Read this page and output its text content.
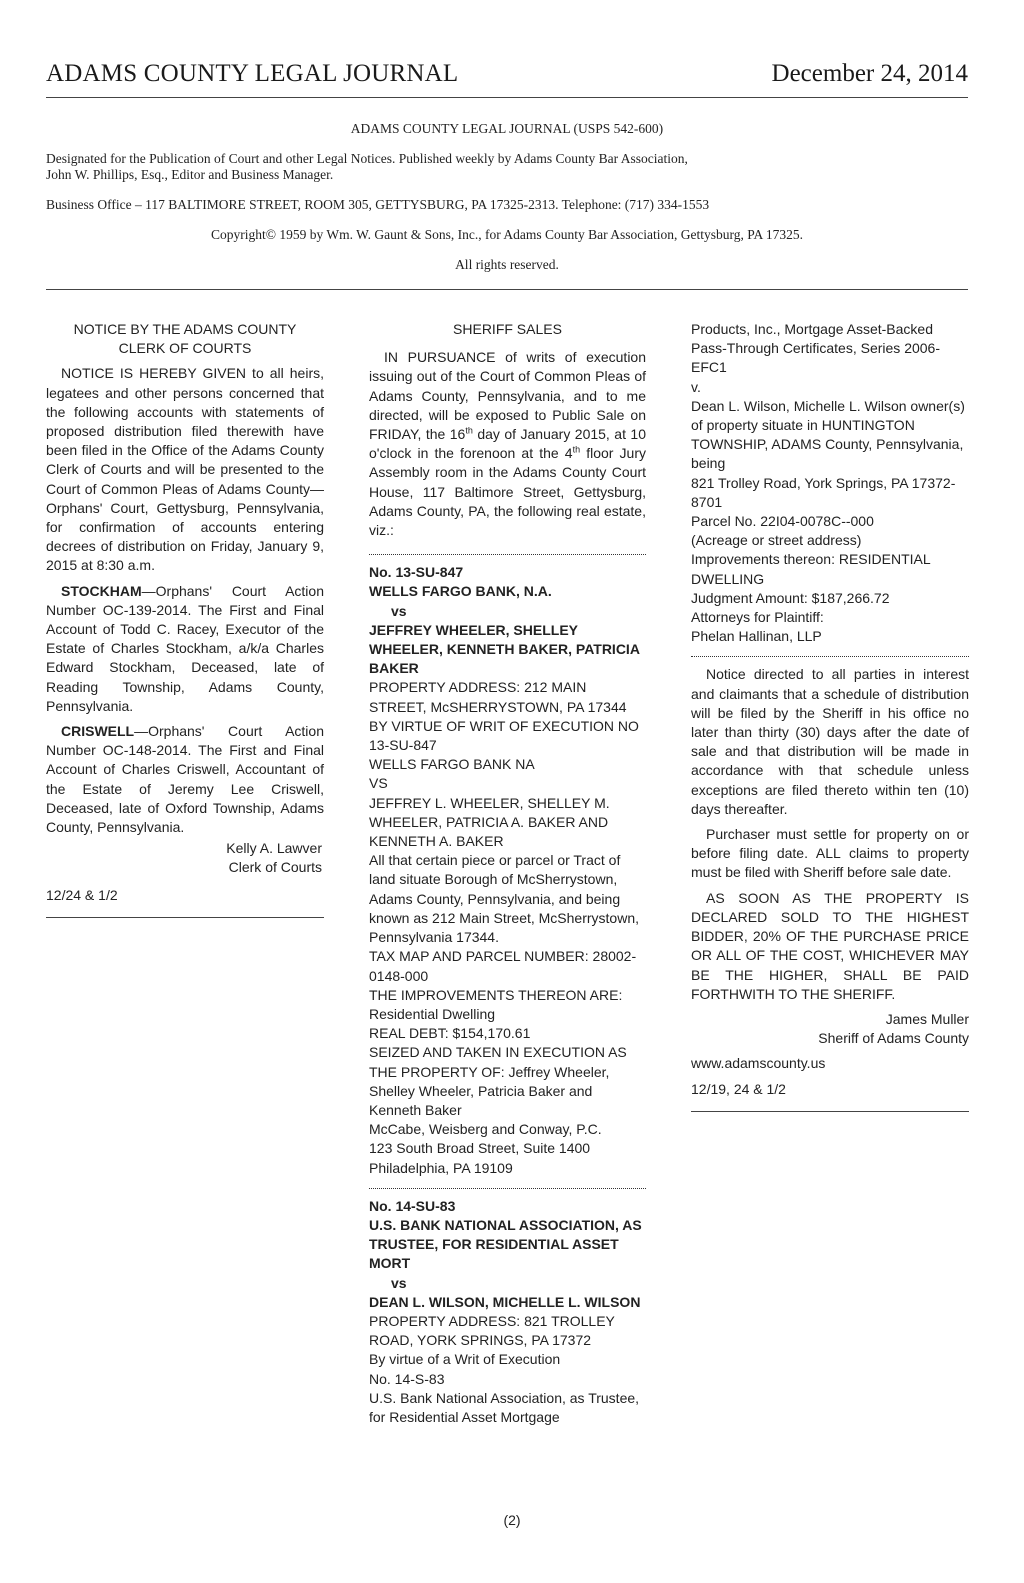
ADAMS COUNTY LEGAL JOURNAL	December 24, 2014

ADAMS COUNTY LEGAL JOURNAL (USPS 542-600)

Designated for the Publication of Court and other Legal Notices. Published weekly by Adams County Bar Association,

John W. Phillips, Esq., Editor and Business Manager.

Business Office – 117 BALTIMORE STREET, ROOM 305, GETTYSBURG, PA 17325-2313. Telephone: (717) 334-1553

Copyright© 1959 by Wm. W. Gaunt & Sons, Inc., for Adams County Bar Association, Gettysburg, PA 17325.

All rights reserved.

NOTICE BY THE ADAMS COUNTY CLERK OF COURTS

NOTICE IS HEREBY GIVEN to all heirs, legatees and other persons concerned that the following accounts with statements of proposed distribution filed therewith have been filed in the Office of the Adams County Clerk of Courts and will be presented to the Court of Common Pleas of Adams County—Orphans' Court, Gettysburg, Pennsylvania, for confirmation of accounts entering decrees of distribution on Friday, January 9, 2015 at 8:30 a.m.

STOCKHAM—Orphans' Court Action Number OC-139-2014. The First and Final Account of Todd C. Racey, Executor of the Estate of Charles Stockham, a/k/a Charles Edward Stockham, Deceased, late of Reading Township, Adams County, Pennsylvania.

CRISWELL—Orphans' Court Action Number OC-148-2014. The First and Final Account of Charles Criswell, Accountant of the Estate of Jeremy Lee Criswell, Deceased, late of Oxford Township, Adams County, Pennsylvania.

Kelly A. Lawver

Clerk of Courts

12/24 & 1/2

SHERIFF SALES

IN PURSUANCE of writs of execution issuing out of the Court of Common Pleas of Adams County, Pennsylvania, and to me directed, will be exposed to Public Sale on FRIDAY, the 16th day of January 2015, at 10 o'clock in the forenoon at the 4th floor Jury Assembly room in the Adams County Court House, 117 Baltimore Street, Gettysburg, Adams County, PA, the following real estate, viz.:

No. 13-SU-847

WELLS FARGO BANK, N.A.

vs

JEFFREY WHEELER, SHELLEY WHEELER, KENNETH BAKER, PATRICIA BAKER

PROPERTY ADDRESS: 212 MAIN STREET, McSHERRYSTOWN, PA 17344

BY VIRTUE OF WRIT OF EXECUTION NO 13-SU-847

WELLS FARGO BANK NA

VS

JEFFREY L. WHEELER, SHELLEY M. WHEELER, PATRICIA A. BAKER AND KENNETH A. BAKER

All that certain piece or parcel or Tract of land situate Borough of McSherrystown, Adams County, Pennsylvania, and being known as 212 Main Street, McSherrystown, Pennsylvania 17344.

TAX MAP AND PARCEL NUMBER: 28002-0148-000

THE IMPROVEMENTS THEREON ARE: Residential Dwelling

REAL DEBT: $154,170.61

SEIZED AND TAKEN IN EXECUTION AS THE PROPERTY OF: Jeffrey Wheeler, Shelley Wheeler, Patricia Baker and Kenneth Baker

McCabe, Weisberg and Conway, P.C.

123 South Broad Street, Suite 1400

Philadelphia, PA 19109

No. 14-SU-83

U.S. BANK NATIONAL ASSOCIATION, AS TRUSTEE, FOR RESIDENTIAL ASSET MORT

vs

DEAN L. WILSON, MICHELLE L. WILSON

PROPERTY ADDRESS: 821 TROLLEY ROAD, YORK SPRINGS, PA 17372

By virtue of a Writ of Execution

No. 14-S-83

U.S. Bank National Association, as Trustee, for Residential Asset Mortgage

Products, Inc., Mortgage Asset-Backed Pass-Through Certificates, Series 2006-EFC1

v.

Dean L. Wilson, Michelle L. Wilson owner(s) of property situate in HUNTINGTON TOWNSHIP, ADAMS County, Pennsylvania, being

821 Trolley Road, York Springs, PA 17372-8701

Parcel No. 22I04-0078C--000

(Acreage or street address)

Improvements thereon: RESIDENTIAL DWELLING

Judgment Amount: $187,266.72

Attorneys for Plaintiff:

Phelan Hallinan, LLP

Notice directed to all parties in interest and claimants that a schedule of distribution will be filed by the Sheriff in his office no later than thirty (30) days after the date of sale and that distribution will be made in accordance with that schedule unless exceptions are filed thereto within ten (10) days thereafter.

Purchaser must settle for property on or before filing date. ALL claims to property must be filed with Sheriff before sale date.

AS SOON AS THE PROPERTY IS DECLARED SOLD TO THE HIGHEST BIDDER, 20% OF THE PURCHASE PRICE OR ALL OF THE COST, WHICHEVER MAY BE THE HIGHER, SHALL BE PAID FORTHWITH TO THE SHERIFF.

James Muller

Sheriff of Adams County

www.adamscounty.us

12/19, 24 & 1/2

(2)
